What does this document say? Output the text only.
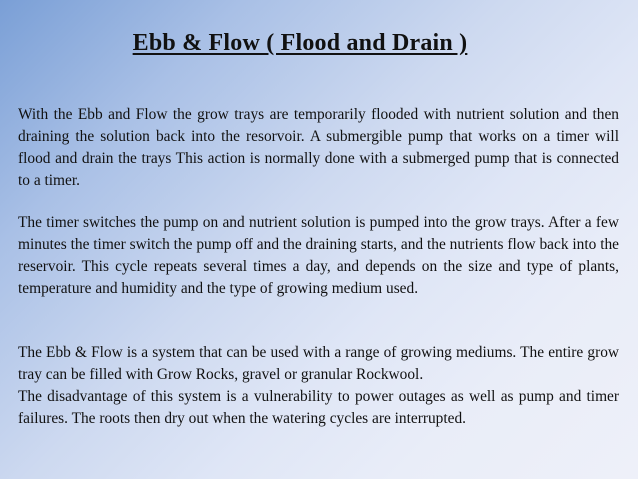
Ebb & Flow ( Flood and Drain )

With the Ebb and Flow the grow trays are temporarily flooded with nutrient solution and then draining the solution back into the resorvoir. A submergible pump that works on a timer will flood and drain the trays This action is normally done with a submerged pump that is connected to a timer.

The timer switches the pump on and nutrient solution is pumped into the grow trays. After a few minutes the timer switch the pump off and the draining starts, and the nutrients flow back into the reservoir. This cycle repeats several times a day, and depends on the size and type of plants, temperature and humidity and the type of growing medium used.

The Ebb & Flow is a system that can be used with a range of growing mediums. The entire grow tray can be filled with Grow Rocks, gravel or granular Rockwool.
The disadvantage of this system is a vulnerability to power outages as well as pump and timer failures. The roots then dry out when the watering cycles are interrupted.
